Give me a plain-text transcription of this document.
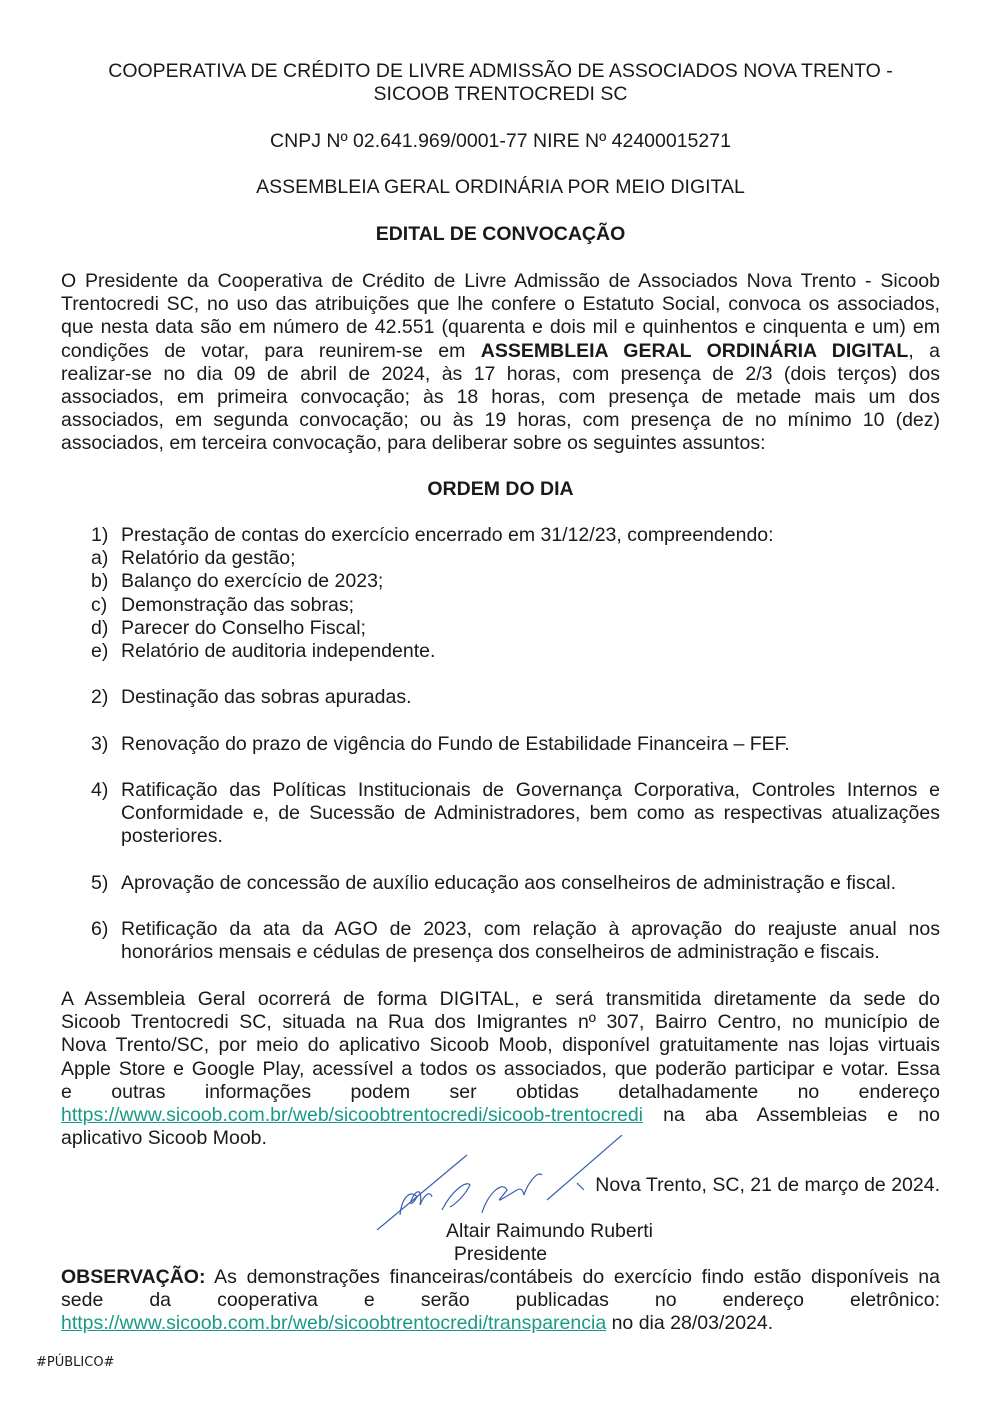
COOPERATIVA DE CRÉDITO DE LIVRE ADMISSÃO DE ASSOCIADOS NOVA TRENTO -
SICOOB TRENTOCREDI SC
CNPJ Nº 02.641.969/0001-77 NIRE Nº 42400015271
ASSEMBLEIA GERAL ORDINÁRIA POR MEIO DIGITAL
EDITAL DE CONVOCAÇÃO
O Presidente da Cooperativa de Crédito de Livre Admissão de Associados Nova Trento - Sicoob
Trentocredi SC, no uso das atribuições que lhe confere o Estatuto Social, convoca os associados,
que nesta data são em número de 42.551 (quarenta e dois mil e quinhentos e cinquenta e um) em
condições de votar, para reunirem-se em ASSEMBLEIA GERAL ORDINÁRIA DIGITAL, a
realizar-se no dia 09 de abril de 2024, às 17 horas, com presença de 2/3 (dois terços) dos
associados, em primeira convocação; às 18 horas, com presença de metade mais um dos
associados, em segunda convocação; ou às 19 horas, com presença de no mínimo 10 (dez)
associados, em terceira convocação, para deliberar sobre os seguintes assuntos:
ORDEM DO DIA
1) Prestação de contas do exercício encerrado em 31/12/23, compreendendo:
a) Relatório da gestão;
b) Balanço do exercício de 2023;
c) Demonstração das sobras;
d) Parecer do Conselho Fiscal;
e) Relatório de auditoria independente.
2) Destinação das sobras apuradas.
3) Renovação do prazo de vigência do Fundo de Estabilidade Financeira – FEF.
4) Ratificação das Políticas Institucionais de Governança Corporativa, Controles Internos e
Conformidade e, de Sucessão de Administradores, bem como as respectivas atualizações
posteriores.
5) Aprovação de concessão de auxílio educação aos conselheiros de administração e fiscal.
6) Retificação da ata da AGO de 2023, com relação à aprovação do reajuste anual nos
honorários mensais e cédulas de presença dos conselheiros de administração e fiscais.
A Assembleia Geral ocorrerá de forma DIGITAL, e será transmitida diretamente da sede do
Sicoob Trentocredi SC, situada na Rua dos Imigrantes nº 307, Bairro Centro, no município de
Nova Trento/SC, por meio do aplicativo Sicoob Moob, disponível gratuitamente nas lojas virtuais
Apple Store e Google Play, acessível a todos os associados, que poderão participar e votar. Essa
e outras informações podem ser obtidas detalhadamente no endereço
https://www.sicoob.com.br/web/sicoobtrentocredi/sicoob-trentocredi na aba Assembleias e no
aplicativo Sicoob Moob.
Nova Trento, SC, 21 de março de 2024.
Altair Raimundo Ruberti
Presidente
OBSERVAÇÃO: As demonstrações financeiras/contábeis do exercício findo estão disponíveis na
sede da cooperativa e serão publicadas no endereço eletrônico:
https://www.sicoob.com.br/web/sicoobtrentocredi/transparencia no dia 28/03/2024.
#PÚBLICO#
